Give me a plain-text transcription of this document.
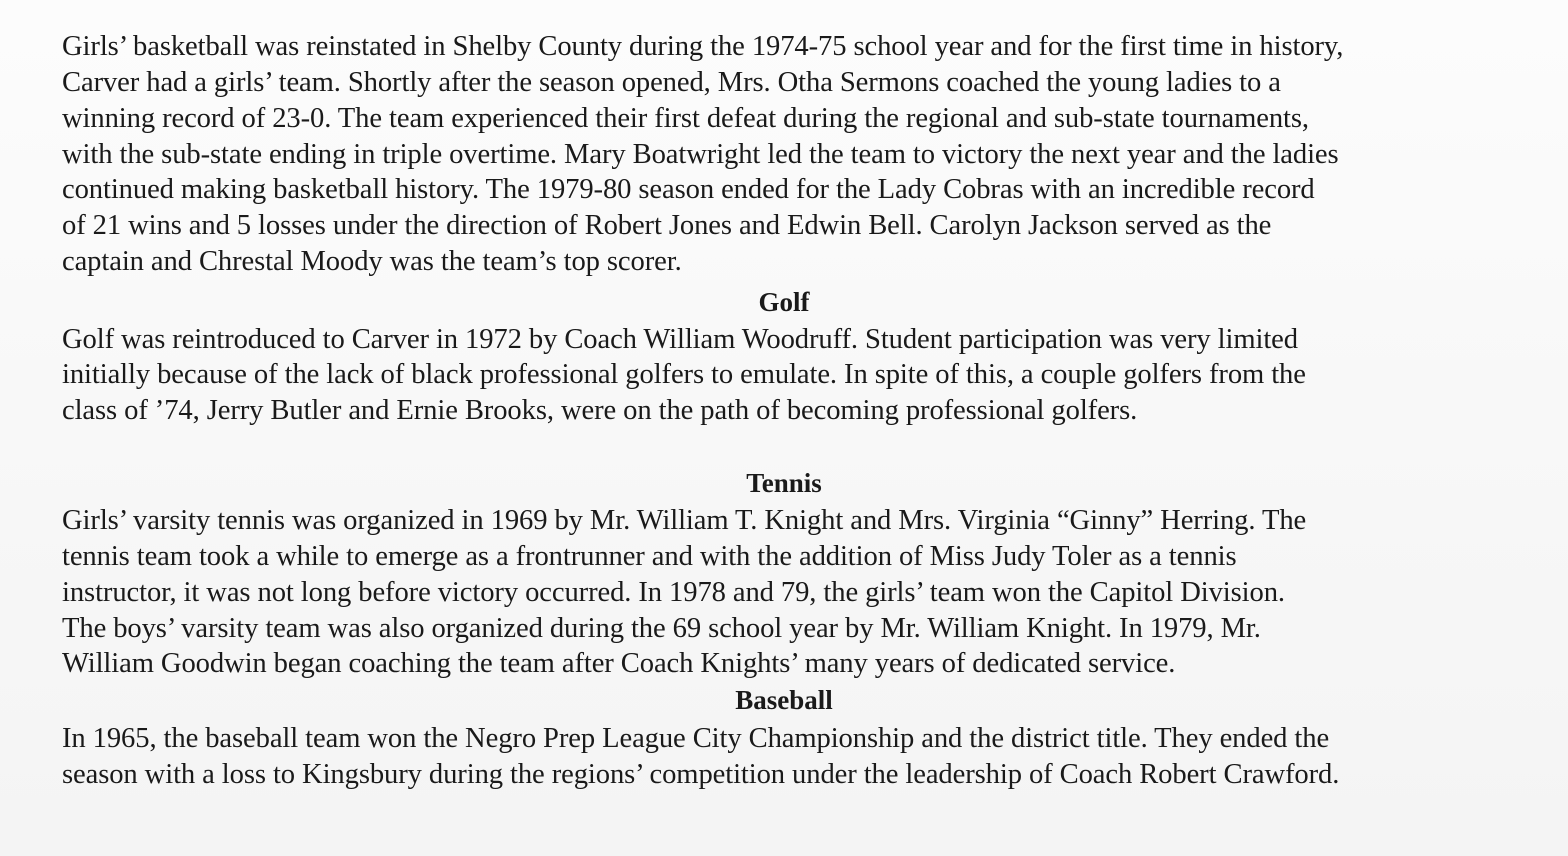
Girls’ basketball was reinstated in Shelby County during the 1974-75 school year and for the first time in history,
Carver had a girls’ team. Shortly after the season opened, Mrs. Otha Sermons coached the young ladies to a
winning record of 23-0. The team experienced their first defeat during the regional and sub-state tournaments,
with the sub-state ending in triple overtime. Mary Boatwright led the team to victory the next year and the ladies
continued making basketball history. The 1979-80 season ended for the Lady Cobras with an incredible record
of 21 wins and 5 losses under the direction of Robert Jones and Edwin Bell. Carolyn Jackson served as the
captain and Chrestal Moody was the team’s top scorer.
Golf
Golf was reintroduced to Carver in 1972 by Coach William Woodruff. Student participation was very limited
initially because of the lack of black professional golfers to emulate. In spite of this, a couple golfers from the
class of ’74, Jerry Butler and Ernie Brooks, were on the path of becoming professional golfers.
Tennis
Girls’ varsity tennis was organized in 1969 by Mr. William T. Knight and Mrs. Virginia “Ginny” Herring. The
tennis team took a while to emerge as a frontrunner and with the addition of Miss Judy Toler as a tennis
instructor, it was not long before victory occurred. In 1978 and 79, the girls’ team won the Capitol Division.
The boys’ varsity team was also organized during the 69 school year by Mr. William Knight. In 1979, Mr.
William Goodwin began coaching the team after Coach Knights’ many years of dedicated service.
Baseball
In 1965, the baseball team won the Negro Prep League City Championship and the district title. They ended the
season with a loss to Kingsbury during the regions’ competition under the leadership of Coach Robert Crawford.
